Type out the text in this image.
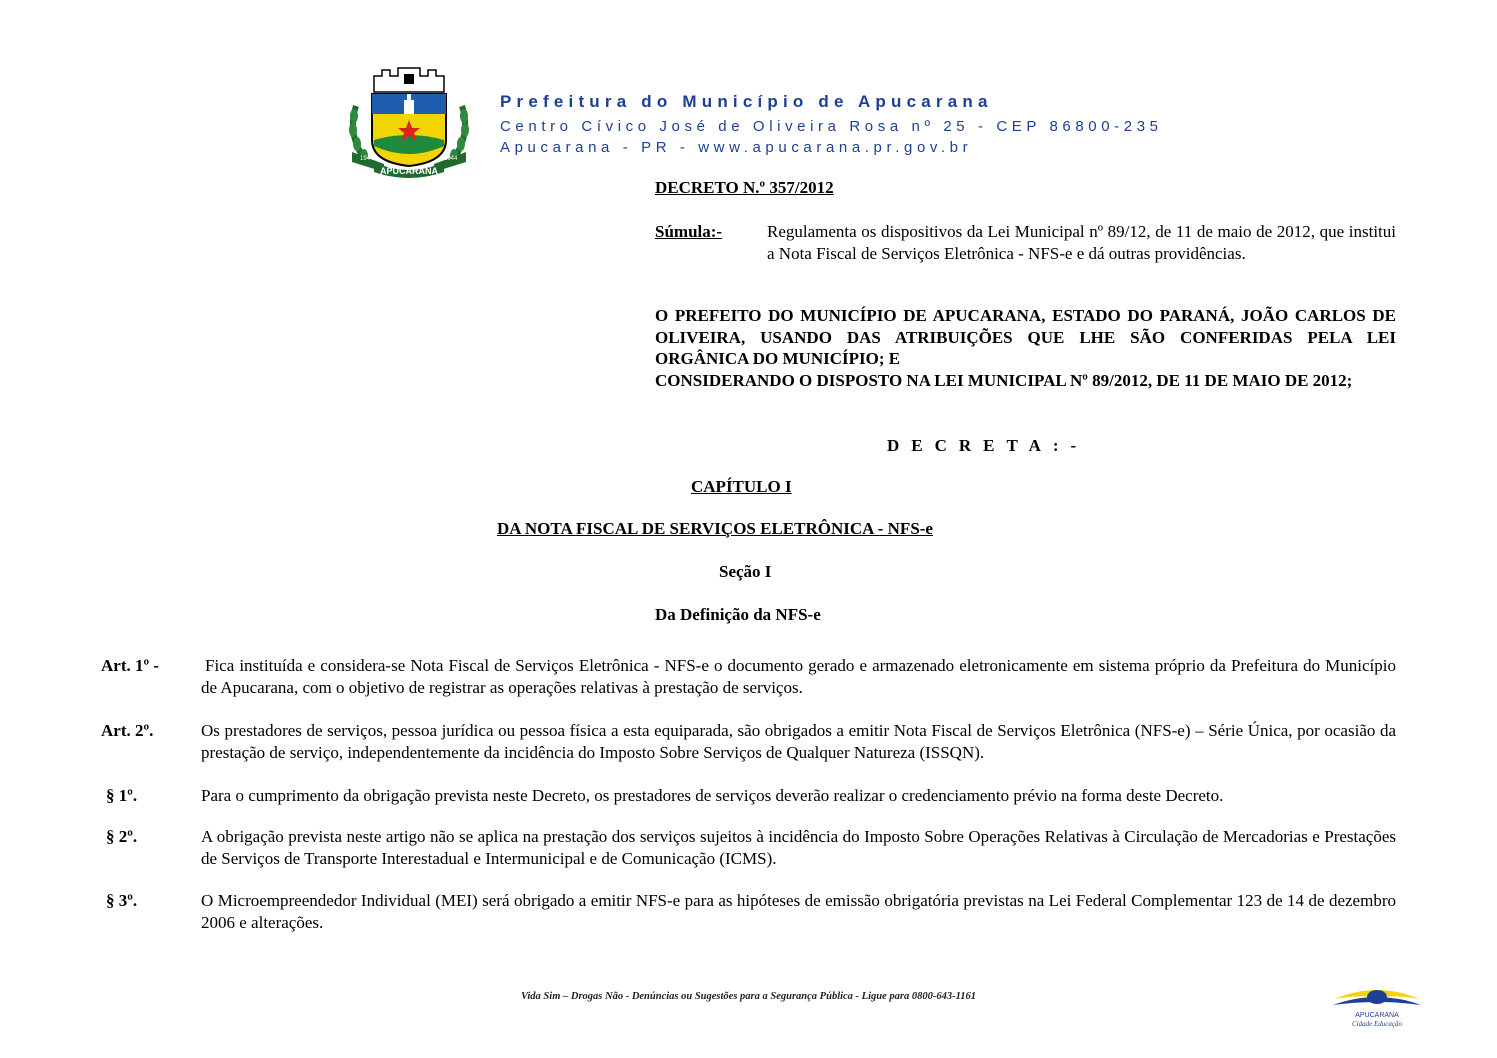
1944	1944
APUCARANA
Prefeitura do Município de Apucarana
Centro Cívico José de Oliveira Rosa nº 25 - CEP 86800-235
Apucarana - PR - www.apucarana.pr.gov.br
DECRETO N.º 357/2012
Súmula:-	Regulamenta os dispositivos da Lei Municipal nº 89/12, de 11 de maio de 2012, que institui a Nota Fiscal de Serviços Eletrônica - NFS-e e dá outras providências.

O PREFEITO DO MUNICÍPIO DE APUCARANA, ESTADO DO PARANÁ, JOÃO CARLOS DE OLIVEIRA, USANDO DAS ATRIBUIÇÕES QUE LHE SÃO CONFERIDAS PELA LEI ORGÂNICA DO MUNICÍPIO; E

CONSIDERANDO O DISPOSTO NA LEI MUNICIPAL Nº 89/2012, DE 11 DE MAIO DE 2012;

DECRETA:-
CAPÍTULO I
DA NOTA FISCAL DE SERVIÇOS ELETRÔNICA - NFS-e
Seção I
Da Definição da NFS-e
Art. 1º -	Fica instituída e considera-se Nota Fiscal de Serviços Eletrônica - NFS-e o documento gerado e armazenado eletronicamente em sistema próprio da Prefeitura do Município de Apucarana, com o objetivo de registrar as operações relativas à prestação de serviços.
Art. 2º.	Os prestadores de serviços, pessoa jurídica ou pessoa física a esta equiparada, são obrigados a emitir Nota Fiscal de Serviços Eletrônica (NFS-e) – Série Única, por ocasião da prestação de serviço, independentemente da incidência do Imposto Sobre Serviços de Qualquer Natureza (ISSQN).
§ 1º.	Para o cumprimento da obrigação prevista neste Decreto, os prestadores de serviços deverão realizar o credenciamento prévio na forma deste Decreto.
§ 2º.	A obrigação prevista neste artigo não se aplica na prestação dos serviços sujeitos à incidência do Imposto Sobre Operações Relativas à Circulação de Mercadorias e Prestações de Serviços de Transporte Interestadual e Intermunicipal e de Comunicação (ICMS).
§ 3º.	O Microempreendedor Individual (MEI) será obrigado a emitir NFS-e para as hipóteses de emissão obrigatória previstas na Lei Federal Complementar 123 de 14 de dezembro 2006 e alterações.
Vida Sim – Drogas Não - Denúncias ou Sugestões para a Segurança Pública - Ligue para 0800-643-1161
APUCARANA
Cidade Educação
